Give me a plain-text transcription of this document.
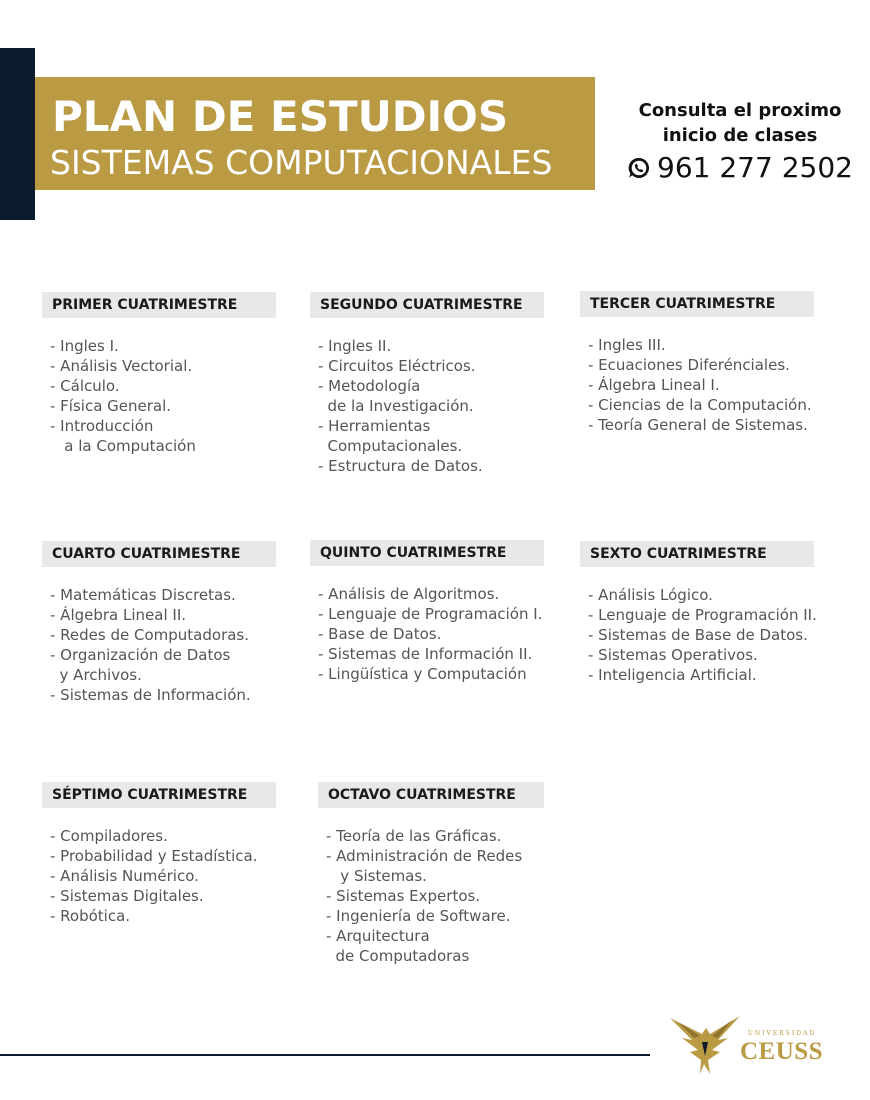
PLAN DE ESTUDIOS
SISTEMAS COMPUTACIONALES
Consulta el proximo
inicio de clases
961 277 2502
PRIMER CUATRIMESTRE
- Ingles I.
- Análisis Vectorial.
- Cálculo.
- Física General.
- Introducción
a la Computación
SEGUNDO CUATRIMESTRE
- Ingles II.
- Circuitos Eléctricos.
- Metodología
de la Investigación.
- Herramientas
Computacionales.
- Estructura de Datos.
TERCER CUATRIMESTRE
- Ingles III.
- Ecuaciones Diferénciales.
- Álgebra Lineal I.
- Ciencias de la Computación.
- Teoría General de Sistemas.
CUARTO CUATRIMESTRE
- Matemáticas Discretas.
- Álgebra Lineal II.
- Redes de Computadoras.
- Organización de Datos
y Archivos.
- Sistemas de Información.
QUINTO CUATRIMESTRE
- Análisis de Algoritmos.
- Lenguaje de Programación I.
- Base de Datos.
- Sistemas de Información II.
- Lingüística y Computación
SEXTO CUATRIMESTRE
- Análisis Lógico.
- Lenguaje de Programación II.
- Sistemas de Base de Datos.
- Sistemas Operativos.
- Inteligencia Artificial.
SÉPTIMO CUATRIMESTRE
- Compiladores.
- Probabilidad y Estadística.
- Análisis Numérico.
- Sistemas Digitales.
- Robótica.
OCTAVO CUATRIMESTRE
- Teoría de las Gráficas.
- Administración de Redes
y Sistemas.
- Sistemas Expertos.
- Ingeniería de Software.
- Arquitectura
de Computadoras
UNIVERSIDAD
CEUSS
